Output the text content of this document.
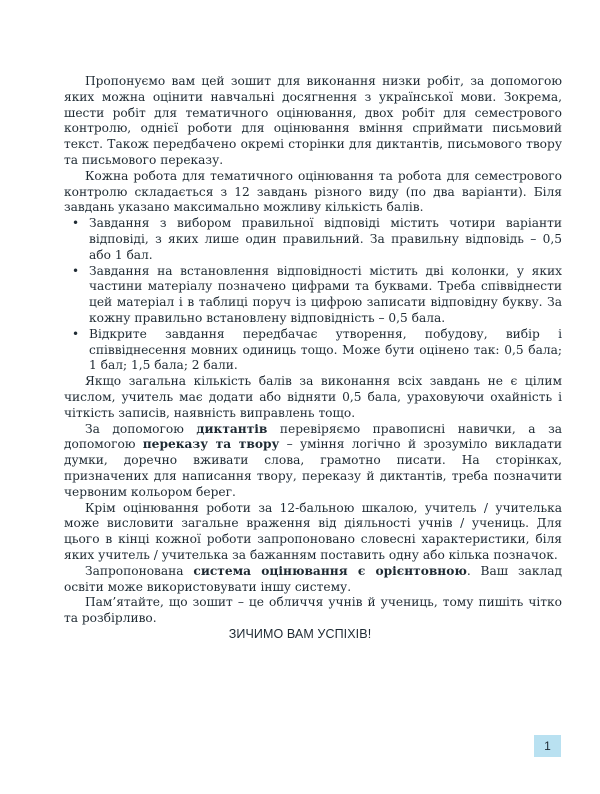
Пропонуємо вам цей зошит для виконання низки робіт, за допомогою яких можна оцінити навчальні досягнення з української мови. Зокрема, шести робіт для тематичного оцінювання, двох робіт для семестрового контролю, однієї роботи для оцінювання вміння сприймати письмовий текст. Також передбачено окремі сторінки для диктантів, письмового твору та письмового переказу.

Кожна робота для тематичного оцінювання та робота для семестрового контролю складається з 12 завдань різного виду (по два варіанти). Біля завдань указано максимально можливу кількість балів.

• Завдання з вибором правильної відповіді містить чотири варіанти відповіді, з яких лише один правильний. За правильну відповідь – 0,5 або 1 бал.
• Завдання на встановлення відповідності містить дві колонки, у яких частини матеріалу позначено цифрами та буквами. Треба співвіднести цей матеріал і в таблиці поруч із цифрою записати відповідну букву. За кожну правильно встановлену відповідність – 0,5 бала.
• Відкрите завдання передбачає утворення, побудову, вибір і співвіднесення мовних одиниць тощо. Може бути оцінено так: 0,5 бала; 1 бал; 1,5 бала; 2 бали.

Якщо загальна кількість балів за виконання всіх завдань не є цілим числом, учитель має додати або відняти 0,5 бала, ураховуючи охайність і чіткість записів, наявність виправлень тощо.

За допомогою диктантів перевіряємо правописні навички, а за допомогою переказу та твору – уміння логічно й зрозуміло викладати думки, доречно вживати слова, грамотно писати. На сторінках, призначених для написання твору, переказу й диктантів, треба позначити червоним кольором берег.

Крім оцінювання роботи за 12-бальною шкалою, учитель / учителька може висловити загальне враження від діяльності учнів / учениць. Для цього в кінці кожної роботи запропоновано словесні характеристики, біля яких учитель / учителька за бажанням поставить одну або кілька позначок.

Запропонована система оцінювання є орієнтовною. Ваш заклад освіти може використовувати іншу систему.

Пам’ятайте, що зошит – це обличчя учнів й учениць, тому пишіть чітко та розбірливо.

ЗИЧИМО ВАМ УСПІХІВ!
1
